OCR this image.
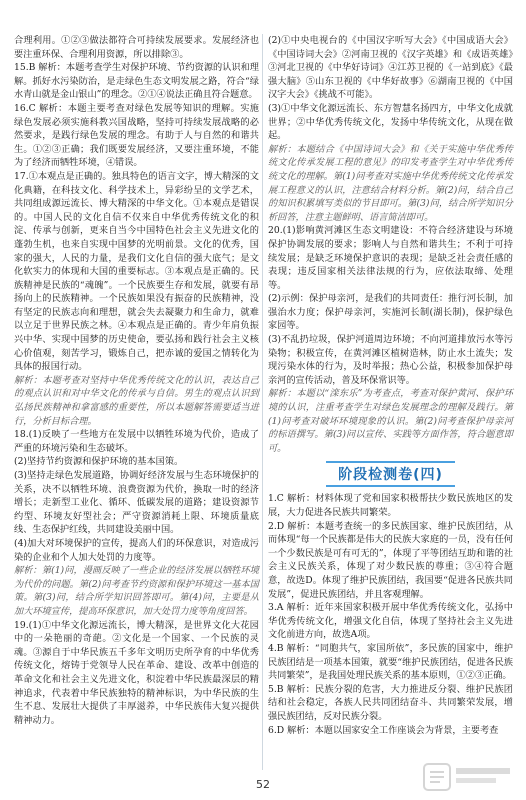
合理利用。①②③做法都符合可持续发展要求。发展经济也要注重环保、合理利用资源，所以排除③。

15.B 解析：本题考查学生对保护环境、节约资源的认识和理解。抓好水污染防治，是走绿色生态文明发展之路，符合“绿水青山就是金山银山”的理念。②①④说法正确且符合题意。

16.C 解析：本题主要考查对绿色发展等知识的理解。实施绿色发展必须实施科教兴国战略，坚持可持续发展战略的必然要求，是践行绿色发展的理念。有助于人与自然的和谐共生。①②③正确；我们既要发展经济，又要注重环境，不能为了经济而牺牲环境，④错误。

17.①本观点是正确的。独具特色的语言文字，博大精深的文化典籍，在科技文化、科学技术上，异彩纷呈的文学艺术，共同组成源远流长、博大精深的中华文化。①本观点是错误的。中国人民的文化自信不仅来自中华优秀传统文化的积淀、传承与创新，更来自当今中国特色社会主义先进文化的蓬勃生机，也来自实现中国梦的光明前景。文化的优秀，国家的强大，人民的力量，是我们文化自信的强大底气；是文化软实力的体现和大国的重要标志。③本观点是正确的。民族精神是民族的“魂魄”。一个民族要生存和发展，就要有昂扬向上的民族精神。一个民族如果没有振奋的民族精神，没有坚定的民族志向和理想，就会失去凝聚力和生命力，就难以立足于世界民族之林。④本观点是正确的。青少年肩负振兴中华、实现中国梦的历史使命，要弘扬和践行社会主义核心价值观，刻苦学习，锻炼自己，把赤诚的爱国之情转化为具体的报国行动。

解析：本题考查对坚持中华优秀传统文化的认识，表达自己的观点认识和对中华文化的传承与自信。男生的观点认识到弘扬民族精神和拿富感的重要性，所以本题解答需要适当进行，分析目标合理。

18.(1)反映了一些地方在发展中以牺牲环境为代价，造成了严重的环境污染和生态破坏。

(2)坚持节约资源和保护环境的基本国策。

(3)坚持走绿色发展道路，协调好经济发展与生态环境保护的关系，决不以牺牲环境、浪费资源为代价，换取一时的经济增长；走新型工业化、循环、低碳发展的道路；建设资源节约型、环境友好型社会；严守资源消耗上限、环境质量底线、生态保护红线，共同建设美丽中国。

(4)加大对环境保护的宣传，提高人们的环保意识，对造成污染的企业和个人加大处罚的力度等。

解析：第(1)问，漫画反映了一些企业的经济发展以牺牲环境为代价的问题。第(2)问考查节约资源和保护环境这一基本国策。第(3)问，结合所学知识回答即可。第(4)问，主要是从加大环境宣传，提高环保意识，加大处罚力度等角度回答。

19.(1)①中华文化源远流长，博大精深，是世界文化大花园中的一朵艳丽的奇葩。②文化是一个国家、一个民族的灵魂。③源自于中华民族五千多年文明历史所孕育的中华优秀传统文化，熔铸于党领导人民在革命、建设、改革中创造的革命文化和社会主义先进文化，积淀着中华民族最深层的精神追求，代表着中华民族独特的精神标识，为中华民族的生生不息、发展壮大提供了丰厚滋养，中华民族伟大复兴提供精神动力。

(2)①中央电视台的《中国汉字听写大会》《中国成语大会》《中国诗词大会》②河南卫视的《汉字英雄》和《成语英雄》③河北卫视的《中华好诗词》④江苏卫视的《一站到底》《最强大脑》⑤山东卫视的《中华好故事》⑥湖南卫视的《中国汉字大会》《挑战不可能》。

(3)①中华文化源远流长、东方智慧名扬四方，中华文化成就世界；②中华优秀传统文化，发扬中华传统文化，从现在做起。

解析：本题结合《中国诗词大会》和《关于实施中华优秀传统文化传承发展工程的意见》的印发考查学生对中华优秀传统文化的理解。第(1)问考查对实施中华优秀传统文化传承发展工程意义的认识，注意结合材料分析。第(2)问，结合自己的知识积累填写类似的节目即可。第(3)问，结合所学知识分析回答，注意主题鲜明、语言简洁即可。

20.(1)影响黄河滩区生态文明建设：不符合经济建设与环境保护协调发展的要求；影响人与自然和谐共生；不利于可持续发展；是缺乏环境保护意识的表现；是缺乏社会责任感的表现；违反国家相关法律法规的行为，应依法取缔、处理等。

(2)示例：保护母亲河，是我们的共同责任：推行河长制，加强治水力度；保护母亲河，实施河长制(湖长制)，保护绿色家园等。

(3)不乱扔垃圾，保护河道周边环境；不向河道排放污水等污染物；积极宣传，在黄河滩区植树造林，防止水土流失；发现污染水体的行为，及时举报；热心公益，积极参加保护母亲河的宣传活动，普及环保常识等。

解析：本题以“滦东乐”为考查点，考查对保护黄河、保护环境的认识，注重考查学生对绿色发展理念的理解及践行。第(1)问考查对破坏环境现象的认识。第(2)问考查保护母亲河的标语撰写。第(3)问以宣传、实践等方面作答，符合题意即可。

阶段检测卷(四)

1.C 解析：材料体现了党和国家积极帮扶少数民族地区的发展，大力促进各民族共同繁荣。

2.D 解析：本题考查统一的多民族国家、维护民族团结，从而体现“每一个民族都是伟大的民族大家庭的一员，没有任何一个少数民族是可有可无的”，体现了平等团结互助和谐的社会主义民族关系，体现了对少数民族的尊重；③④符合题意，故选D。体现了维护民族团结，我国要“促进各民族共同发展”，促进民族团结，并且客观理解。

3.A 解析：近年来国家积极开展中华优秀传统文化，弘扬中华优秀传统文化，增强文化自信，体现了坚持社会主义先进文化前进方向，故选A项。

4.B 解析：“同胞共气，家国所依”，多民族的国家中，维护民族团结是一项基本国策，就要“维护民族团结，促进各民族共同繁荣”，是我国处理民族关系的基本原则，①②③正确。

5.B 解析：民族分裂的危害，大力推进反分裂、维护民族团结和社会稳定，各族人民共同团结奋斗、共同繁荣发展，增强民族团结，反对民族分裂。

6.D 解析：本题以国家安全工作座谈会为背景，主要考查

52
